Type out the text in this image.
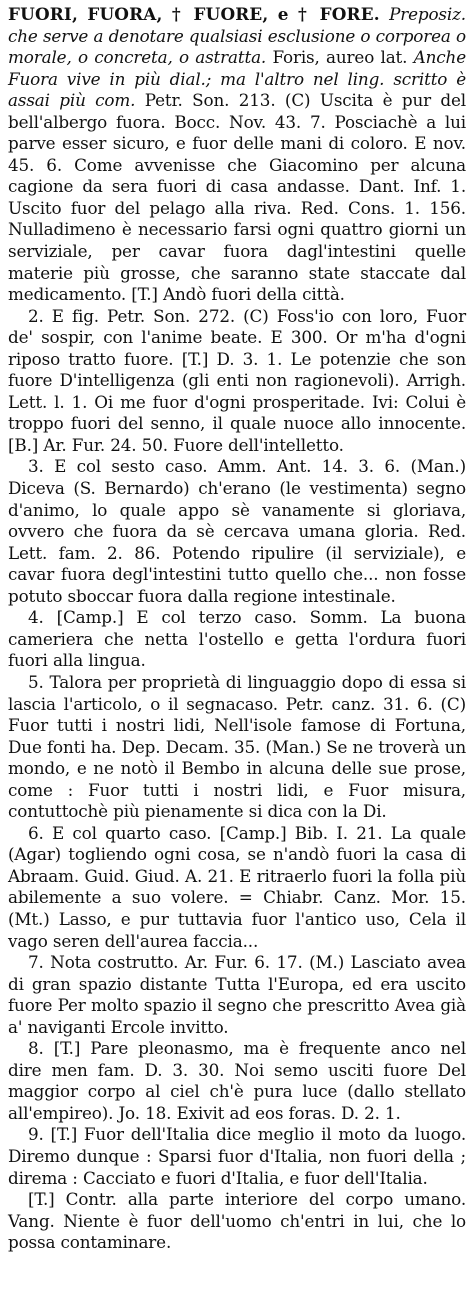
FUORI, FUORA, † FUORE, e † FORE. Preposiz. che serve a denotare qualsiasi esclusione o corporea o morale, o concreta, o astratta. Foris, aureo lat. Anche Fuora vive in più dial.; ma l'altro nel ling. scritto è assai più com. Petr. Son. 213. (C) Uscita è pur del bell'albergo fuora. Bocc. Nov. 43. 7. Posciachè a lui parve esser sicuro, e fuor delle mani di coloro. E nov. 45. 6. Come avvenisse che Giacomino per alcuna cagione da sera fuori di casa andasse. Dant. Inf. 1. Uscito fuor del pelago alla riva. Red. Cons. 1. 156. Nulladimeno è necessario farsi ogni quattro giorni un serviziale, per cavar fuora dagl'intestini quelle materie più grosse, che saranno state staccate dal medicamento. [T.] Andò fuori della città.

2. E fig. Petr. Son. 272. (C) Foss'io con loro, Fuor de' sospir, con l'anime beate. E 300. Or m'ha d'ogni riposo tratto fuore. [T.] D. 3. 1. Le potenzie che son fuore D'intelligenza (gli enti non ragionevoli). Arrigh. Lett. l. 1. Oi me fuor d'ogni prosperitade. Ivi: Colui è troppo fuori del senno, il quale nuoce allo innocente. [B.] Ar. Fur. 24. 50. Fuore dell'intelletto.

3. E col sesto caso. Amm. Ant. 14. 3. 6. (Man.) Diceva (S. Bernardo) ch'erano (le vestimenta) segno d'animo, lo quale appo sè vanamente si gloriava, ovvero che fuora da sè cercava umana gloria. Red. Lett. fam. 2. 86. Potendo ripulire (il serviziale), e cavar fuora degl'intestini tutto quello che... non fosse potuto sboccar fuora dalla regione intestinale.

4. [Camp.] E col terzo caso. Somm. La buona cameriera che netta l'ostello e getta l'ordura fuori fuori alla lingua.

5. Talora per proprietà di linguaggio dopo di essa si lascia l'articolo, o il segnacaso. Petr. canz. 31. 6. (C) Fuor tutti i nostri lidi, Nell'isole famose di Fortuna, Due fonti ha. Dep. Decam. 35. (Man.) Se ne troverà un mondo, e ne notò il Bembo in alcuna delle sue prose, come : Fuor tutti i nostri lidi, e Fuor misura, contuttochè più pienamente si dica con la Di.

6. E col quarto caso. [Camp.] Bib. I. 21. La quale (Agar) togliendo ogni cosa, se n'andò fuori la casa di Abraam. Guid. Giud. A. 21. E ritraerlo fuori la folla più abilemente a suo volere. = Chiabr. Canz. Mor. 15. (Mt.) Lasso, e pur tuttavia fuor l'antico uso, Cela il vago seren dell'aurea faccia...

7. Nota costrutto. Ar. Fur. 6. 17. (M.) Lasciato avea di gran spazio distante Tutta l'Europa, ed era uscito fuore Per molto spazio il segno che prescritto Avea già a' naviganti Ercole invitto.

8. [T.] Pare pleonasmo, ma è frequente anco nel dire men fam. D. 3. 30. Noi semo usciti fuore Del maggior corpo al ciel ch'è pura luce (dallo stellato all'empireo). Jo. 18. Exivit ad eos foras. D. 2. 1.

9. [T.] Fuor dell'Italia dice meglio il moto da luogo. Diremo dunque : Sparsi fuor d'Italia, non fuori della ; direma : Cacciato e fuori d'Italia, e fuor dell'Italia.

[T.] Contr. alla parte interiore del corpo umano. Vang. Niente è fuor dell'uomo ch'entri in lui, che lo possa contaminare.
